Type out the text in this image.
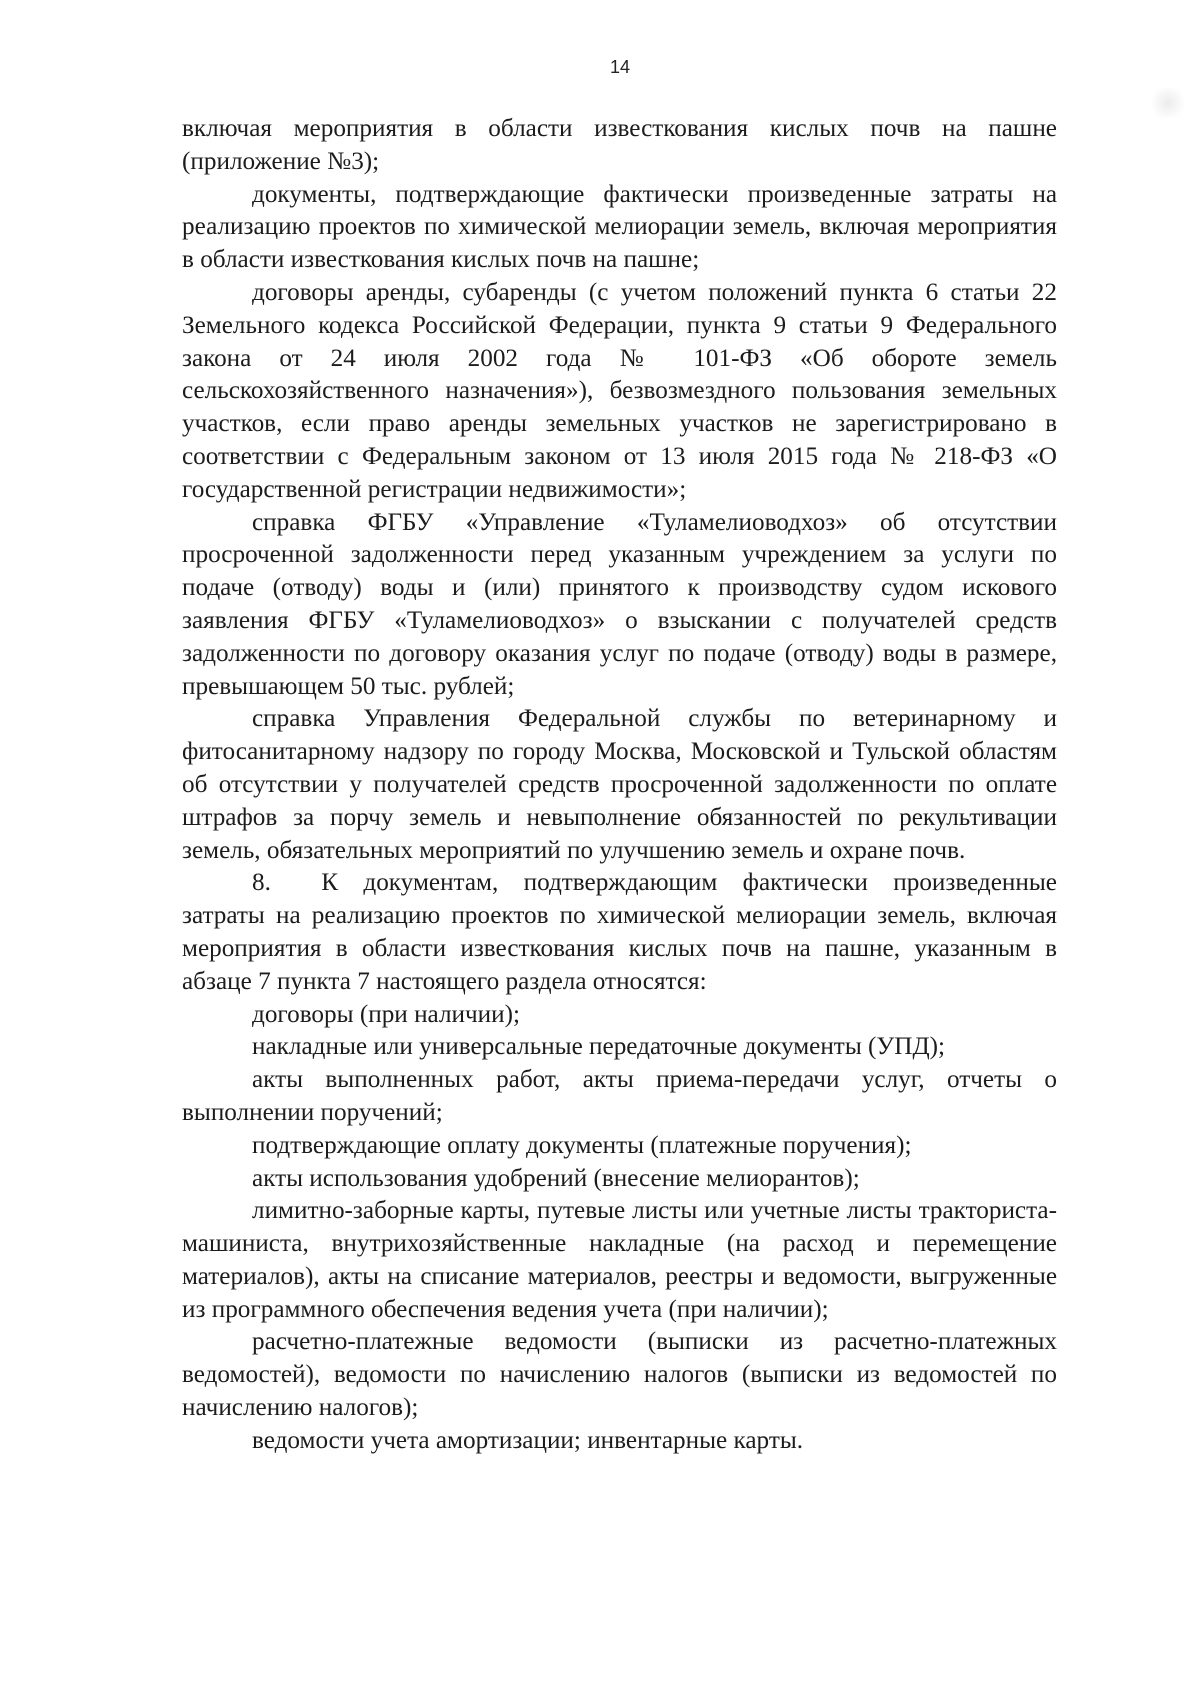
14

включая мероприятия в области известкования кислых почв на пашне (приложение №3);

документы, подтверждающие фактически произведенные затраты на реализацию проектов по химической мелиорации земель, включая мероприятия в области известкования кислых почв на пашне;

договоры аренды, субаренды (с учетом положений пункта 6 статьи 22 Земельного кодекса Российской Федерации, пункта 9 статьи 9 Федерального закона от 24 июля 2002 года № 101-ФЗ «Об обороте земель сельскохозяйственного назначения»), безвозмездного пользования земельных участков, если право аренды земельных участков не зарегистрировано в соответствии с Федеральным законом от 13 июля 2015 года № 218-ФЗ «О государственной регистрации недвижимости»;

справка ФГБУ «Управление «Туламелиоводхоз» об отсутствии просроченной задолженности перед указанным учреждением за услуги по подаче (отводу) воды и (или) принятого к производству судом искового заявления ФГБУ «Туламелиоводхоз» о взыскании с получателей средств задолженности по договору оказания услуг по подаче (отводу) воды в размере, превышающем 50 тыс. рублей;

справка Управления Федеральной службы по ветеринарному и фитосанитарному надзору по городу Москва, Московской и Тульской областям об отсутствии у получателей средств просроченной задолженности по оплате штрафов за порчу земель и невыполнение обязанностей по рекультивации земель, обязательных мероприятий по улучшению земель и охране почв.

8.  К документам, подтверждающим фактически произведенные затраты на реализацию проектов по химической мелиорации земель, включая мероприятия в области известкования кислых почв на пашне, указанным в абзаце 7 пункта 7 настоящего раздела относятся:

договоры (при наличии);

накладные или универсальные передаточные документы (УПД);

акты выполненных работ, акты приема-передачи услуг, отчеты о выполнении поручений;

подтверждающие оплату документы (платежные поручения);

акты использования удобрений (внесение мелиорантов);

лимитно-заборные карты, путевые листы или учетные листы тракториста-машиниста, внутрихозяйственные накладные (на расход и перемещение материалов), акты на списание материалов, реестры и ведомости, выгруженные из программного обеспечения ведения учета (при наличии);

расчетно-платежные ведомости (выписки из расчетно-платежных ведомостей), ведомости по начислению налогов (выписки из ведомостей по начислению налогов);

ведомости учета амортизации; инвентарные карты.
